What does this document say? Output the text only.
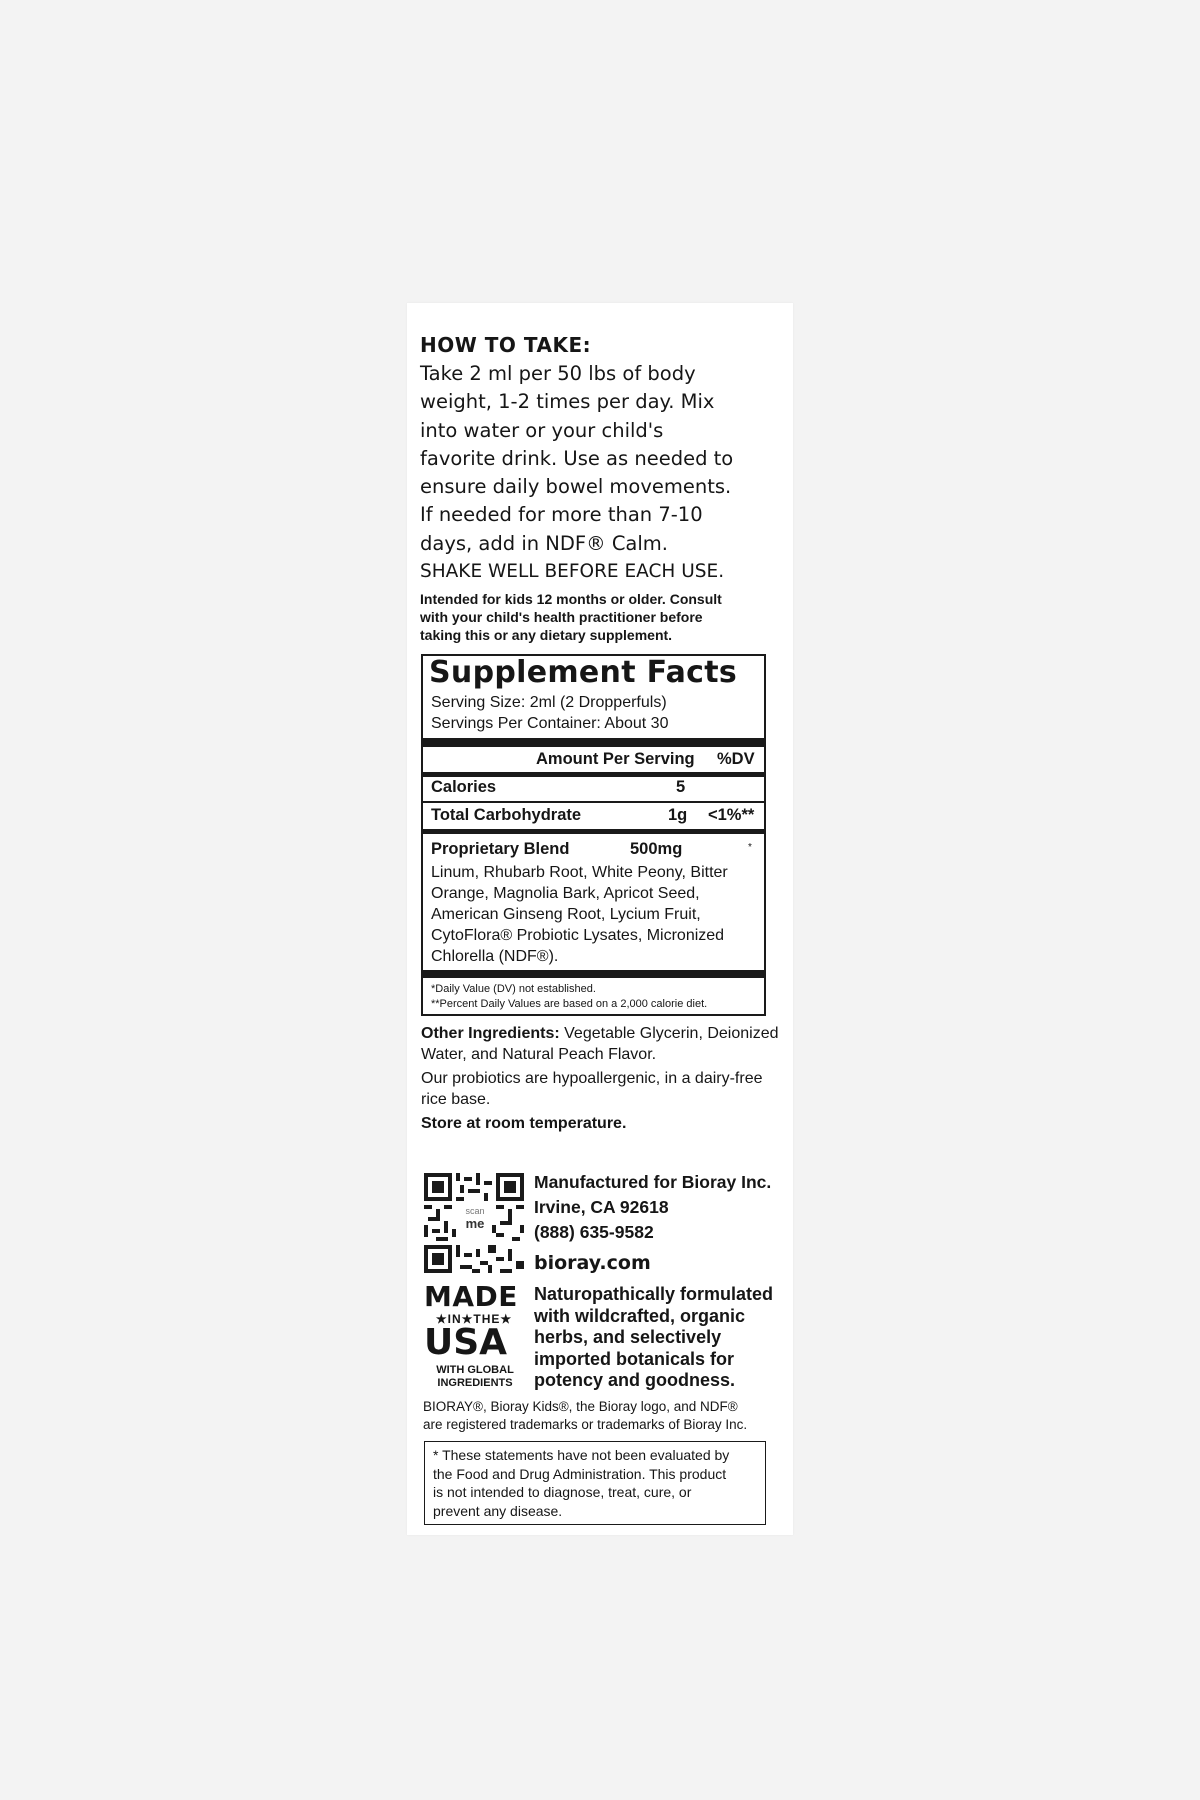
HOW TO TAKE:
Take 2 ml per 50 lbs of body
weight, 1-2 times per day. Mix
into water or your child's
favorite drink. Use as needed to
ensure daily bowel movements.
If needed for more than 7-10
days, add in NDF® Calm.
SHAKE WELL BEFORE EACH USE.
Intended for kids 12 months or older. Consult
with your child's health practitioner before
taking this or any dietary supplement.
Supplement Facts
Serving Size: 2ml (2 Dropperfuls)
Servings Per Container: About 30
Amount Per Serving %DV
Calories	5
Total Carbohydrate	1g <1%**
Proprietary Blend	500mg	*
Linum, Rhubarb Root, White Peony, Bitter
Orange, Magnolia Bark, Apricot Seed,
American Ginseng Root, Lycium Fruit,
CytoFlora® Probiotic Lysates, Micronized
Chlorella (NDF®).
*Daily Value (DV) not established.
**Percent Daily Values are based on a 2,000 calorie diet.
Other Ingredients: Vegetable Glycerin, Deionized
Water, and Natural Peach Flavor.
Our probiotics are hypoallergenic, in a dairy-free
rice base.
Store at room temperature.
scan
me
Manufactured for Bioray Inc.
Irvine, CA 92618
(888) 635-9582
bioray.com
MADE
★IN★THE★
USA
WITH GLOBAL
INGREDIENTS
Naturopathically formulated
with wildcrafted, organic
herbs, and selectively
imported botanicals for
potency and goodness.
BIORAY®, Bioray Kids®, the Bioray logo, and NDF®
are registered trademarks or trademarks of Bioray Inc.
* These statements have not been evaluated by
the Food and Drug Administration. This product
is not intended to diagnose, treat, cure, or
prevent any disease.
